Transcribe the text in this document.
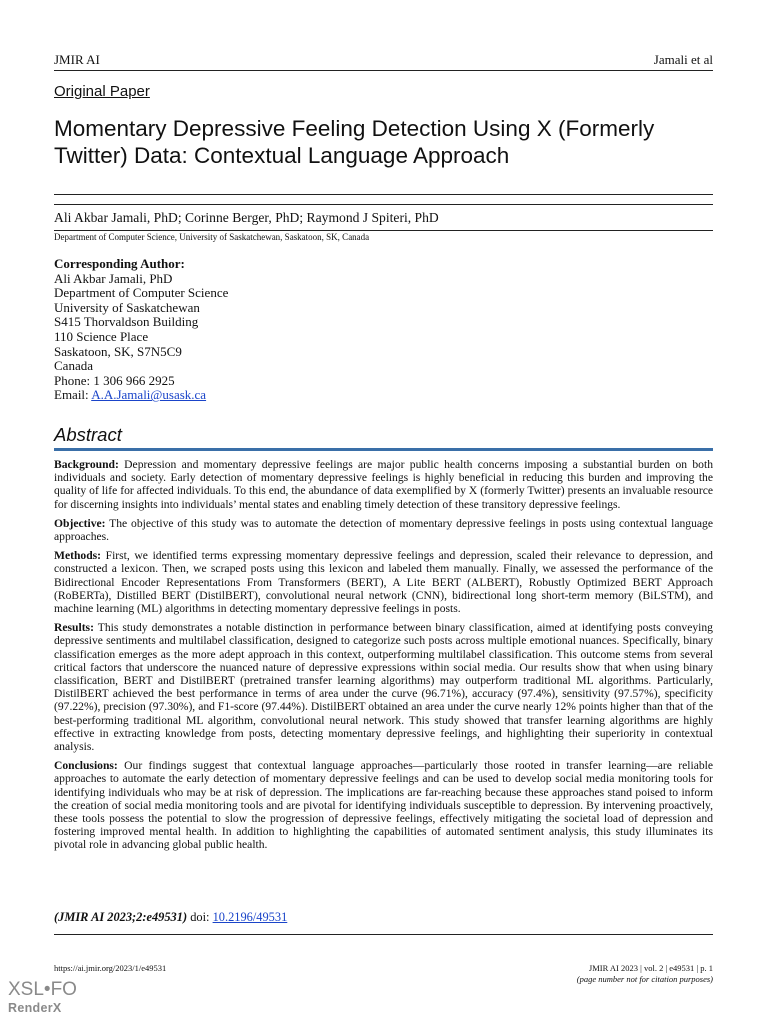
JMIR AI	Jamali et al
Original Paper
Momentary Depressive Feeling Detection Using X (Formerly Twitter) Data: Contextual Language Approach
Ali Akbar Jamali, PhD; Corinne Berger, PhD; Raymond J Spiteri, PhD
Department of Computer Science, University of Saskatchewan, Saskatoon, SK, Canada
Corresponding Author:
Ali Akbar Jamali, PhD
Department of Computer Science
University of Saskatchewan
S415 Thorvaldson Building
110 Science Place
Saskatoon, SK, S7N5C9
Canada
Phone: 1 306 966 2925
Email: A.A.Jamali@usask.ca
Abstract

Background: Depression and momentary depressive feelings are major public health concerns imposing a substantial burden on both individuals and society. Early detection of momentary depressive feelings is highly beneficial in reducing this burden and improving the quality of life for affected individuals. To this end, the abundance of data exemplified by X (formerly Twitter) presents an invaluable resource for discerning insights into individuals’ mental states and enabling timely detection of these transitory depressive feelings.

Objective: The objective of this study was to automate the detection of momentary depressive feelings in posts using contextual language approaches.

Methods: First, we identified terms expressing momentary depressive feelings and depression, scaled their relevance to depression, and constructed a lexicon. Then, we scraped posts using this lexicon and labeled them manually. Finally, we assessed the performance of the Bidirectional Encoder Representations From Transformers (BERT), A Lite BERT (ALBERT), Robustly Optimized BERT Approach (RoBERTa), Distilled BERT (DistilBERT), convolutional neural network (CNN), bidirectional long short-term memory (BiLSTM), and machine learning (ML) algorithms in detecting momentary depressive feelings in posts.

Results: This study demonstrates a notable distinction in performance between binary classification, aimed at identifying posts conveying depressive sentiments and multilabel classification, designed to categorize such posts across multiple emotional nuances. Specifically, binary classification emerges as the more adept approach in this context, outperforming multilabel classification. This outcome stems from several critical factors that underscore the nuanced nature of depressive expressions within social media. Our results show that when using binary classification, BERT and DistilBERT (pretrained transfer learning algorithms) may outperform traditional ML algorithms. Particularly, DistilBERT achieved the best performance in terms of area under the curve (96.71%), accuracy (97.4%), sensitivity (97.57%), specificity (97.22%), precision (97.30%), and F1-score (97.44%). DistilBERT obtained an area under the curve nearly 12% points higher than that of the best-performing traditional ML algorithm, convolutional neural network. This study showed that transfer learning algorithms are highly effective in extracting knowledge from posts, detecting momentary depressive feelings, and highlighting their superiority in contextual analysis.

Conclusions: Our findings suggest that contextual language approaches—particularly those rooted in transfer learning—are reliable approaches to automate the early detection of momentary depressive feelings and can be used to develop social media monitoring tools for identifying individuals who may be at risk of depression. The implications are far-reaching because these approaches stand poised to inform the creation of social media monitoring tools and are pivotal for identifying individuals susceptible to depression. By intervening proactively, these tools possess the potential to slow the progression of depressive feelings, effectively mitigating the societal load of depression and fostering improved mental health. In addition to highlighting the capabilities of automated sentiment analysis, this study illuminates its pivotal role in advancing global public health.

(JMIR AI 2023;2:e49531) doi: 10.2196/49531
https://ai.jmir.org/2023/1/e49531	JMIR AI 2023 | vol. 2 | e49531 | p. 1
(page number not for citation purposes)
XSL•FO
RenderX
